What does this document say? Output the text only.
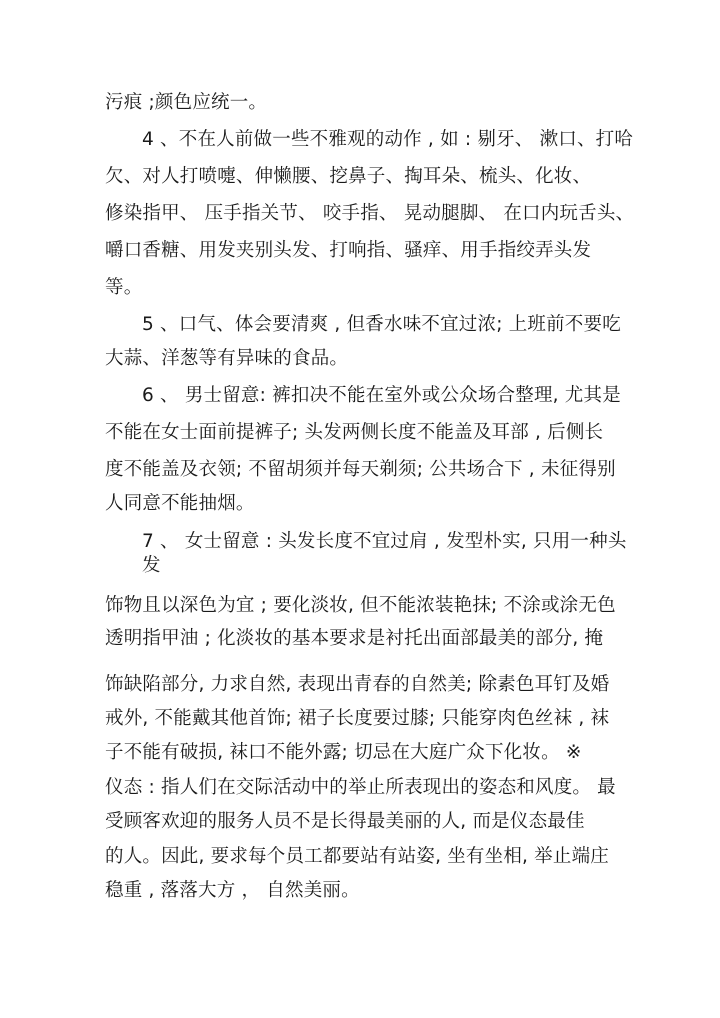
污痕 ;颜色应统一。
4 、不在人前做一些不雅观的动作 , 如 : 剔牙、 漱口、打哈
欠、对人打喷嚏、伸懒腰、挖鼻子、掏耳朵、梳头、化妆、
修染指甲、 压手指关节、 咬手指、 晃动腿脚、 在口内玩舌头、
嚼口香糖、用发夹别头发、打响指、骚痒、用手指绞弄头发
等。
5 、口气、体会要清爽 , 但香水味不宜过浓; 上班前不要吃
大蒜、洋葱等有异味的食品。
6 、 男士留意: 裤扣决不能在室外或公众场合整理, 尤其是
不能在女士面前提裤子; 头发两侧长度不能盖及耳部 , 后侧长
度不能盖及衣领; 不留胡须并每天剃须; 公共场合下 , 未征得别
人同意不能抽烟。
7 、 女士留意 : 头发长度不宜过肩 , 发型朴实, 只用一种头
发
饰物且以深色为宜 ; 要化淡妆, 但不能浓装艳抹; 不涂或涂无色
透明指甲油 ; 化淡妆的基本要求是衬托出面部最美的部分, 掩
饰缺陷部分, 力求自然, 表现出青春的自然美; 除素色耳钉及婚
戒外, 不能戴其他首饰; 裙子长度要过膝; 只能穿肉色丝袜 , 袜
子不能有破损, 袜口不能外露; 切忌在大庭广众下化妆。 ※
仪态 : 指人们在交际活动中的举止所表现出的姿态和风度。 最
受顾客欢迎的服务人员不是长得最美丽的人, 而是仪态最佳
的人。因此, 要求每个员工都要站有站姿, 坐有坐相, 举止端庄
稳重 , 落落大方 ， 自然美丽。
